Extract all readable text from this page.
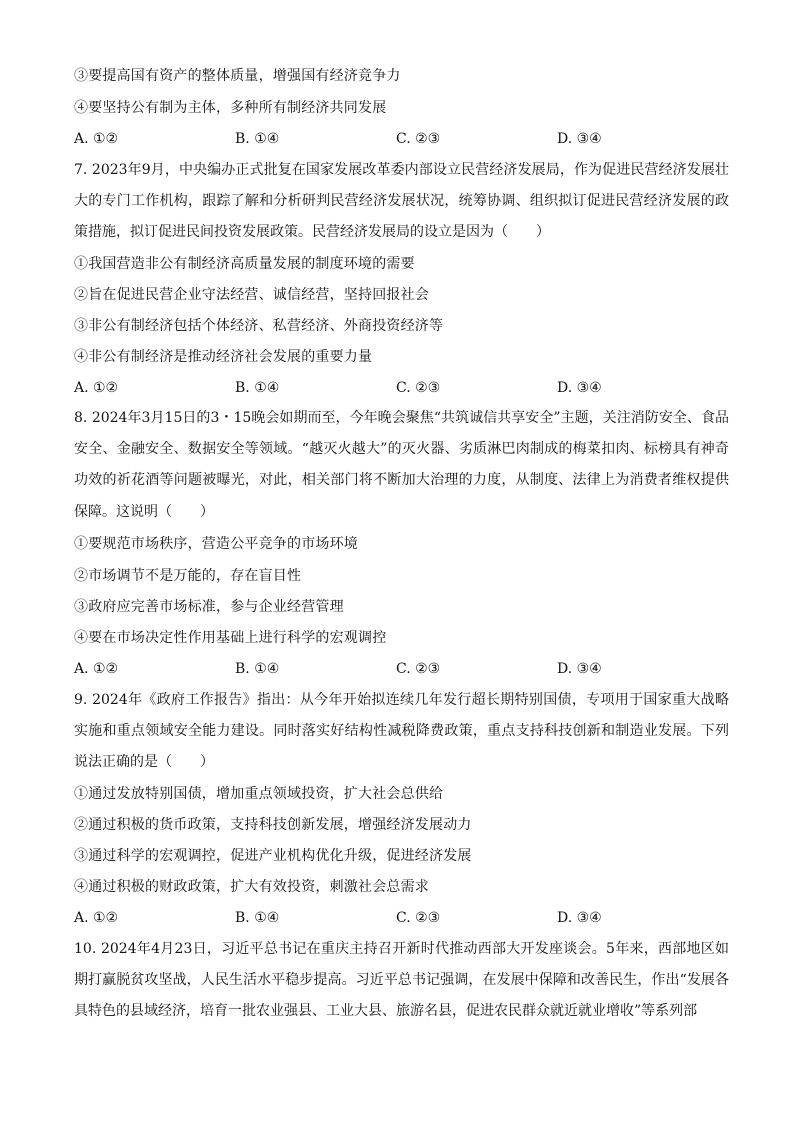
③要提高国有资产的整体质量，增强国有经济竞争力
④要坚持公有制为主体，多种所有制经济共同发展
A. ①②	B. ①④	C. ②③	D. ③④
7. 2023年9月，中央编办正式批复在国家发展改革委内部设立民营经济发展局，作为促进民营经济发展壮大的专门工作机构，跟踪了解和分析研判民营经济发展状况，统筹协调、组织拟订促进民营经济发展的政策措施，拟订促进民间投资发展政策。民营经济发展局的设立是因为（　　）
①我国营造非公有制经济高质量发展的制度环境的需要
②旨在促进民营企业守法经营、诚信经营，坚持回报社会
③非公有制经济包括个体经济、私营经济、外商投资经济等
④非公有制经济是推动经济社会发展的重要力量
A. ①②	B. ①④	C. ②③	D. ③④
8. 2024年3月15日的3・15晚会如期而至，今年晚会聚焦“共筑诚信共享安全”主题，关注消防安全、食品安全、金融安全、数据安全等领域。“越灭火越大”的灭火器、劣质淋巴肉制成的梅菜扣肉、标榜具有神奇功效的祈花酒等问题被曝光，对此，相关部门将不断加大治理的力度，从制度、法律上为消费者维权提供保障。这说明（　　）
①要规范市场秩序，营造公平竞争的市场环境
②市场调节不是万能的，存在盲目性
③政府应完善市场标准，参与企业经营管理
④要在市场决定性作用基础上进行科学的宏观调控
A. ①②	B. ①④	C. ②③	D. ③④
9. 2024年《政府工作报告》指出：从今年开始拟连续几年发行超长期特别国债，专项用于国家重大战略实施和重点领域安全能力建设。同时落实好结构性减税降费政策，重点支持科技创新和制造业发展。下列说法正确的是（　　）
①通过发放特别国债，增加重点领域投资，扩大社会总供给
②通过积极的货币政策，支持科技创新发展，增强经济发展动力
③通过科学的宏观调控，促进产业机构优化升级，促进经济发展
④通过积极的财政政策，扩大有效投资，刺激社会总需求
A. ①②	B. ①④	C. ②③	D. ③④
10. 2024年4月23日，习近平总书记在重庆主持召开新时代推动西部大开发座谈会。5年来，西部地区如期打赢脱贫攻坚战，人民生活水平稳步提高。习近平总书记强调，在发展中保障和改善民生，作出“发展各具特色的县域经济，培育一批农业强县、工业大县、旅游名县，促进农民群众就近就业增收”等系列部
